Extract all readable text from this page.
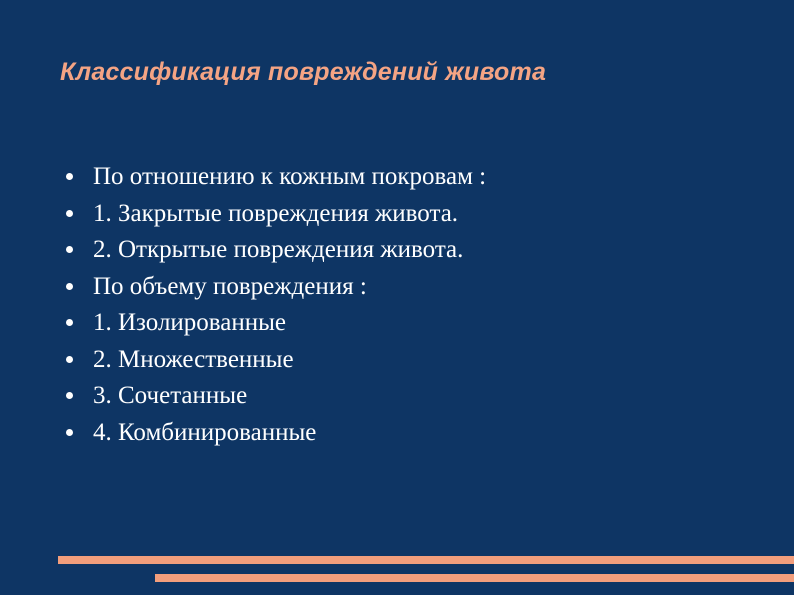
Классификация повреждений живота
По отношению к кожным покровам :
1. Закрытые повреждения живота.
2. Открытые повреждения живота.
По объему повреждения :
1. Изолированные
2. Множественные
3. Сочетанные
4. Комбинированные
